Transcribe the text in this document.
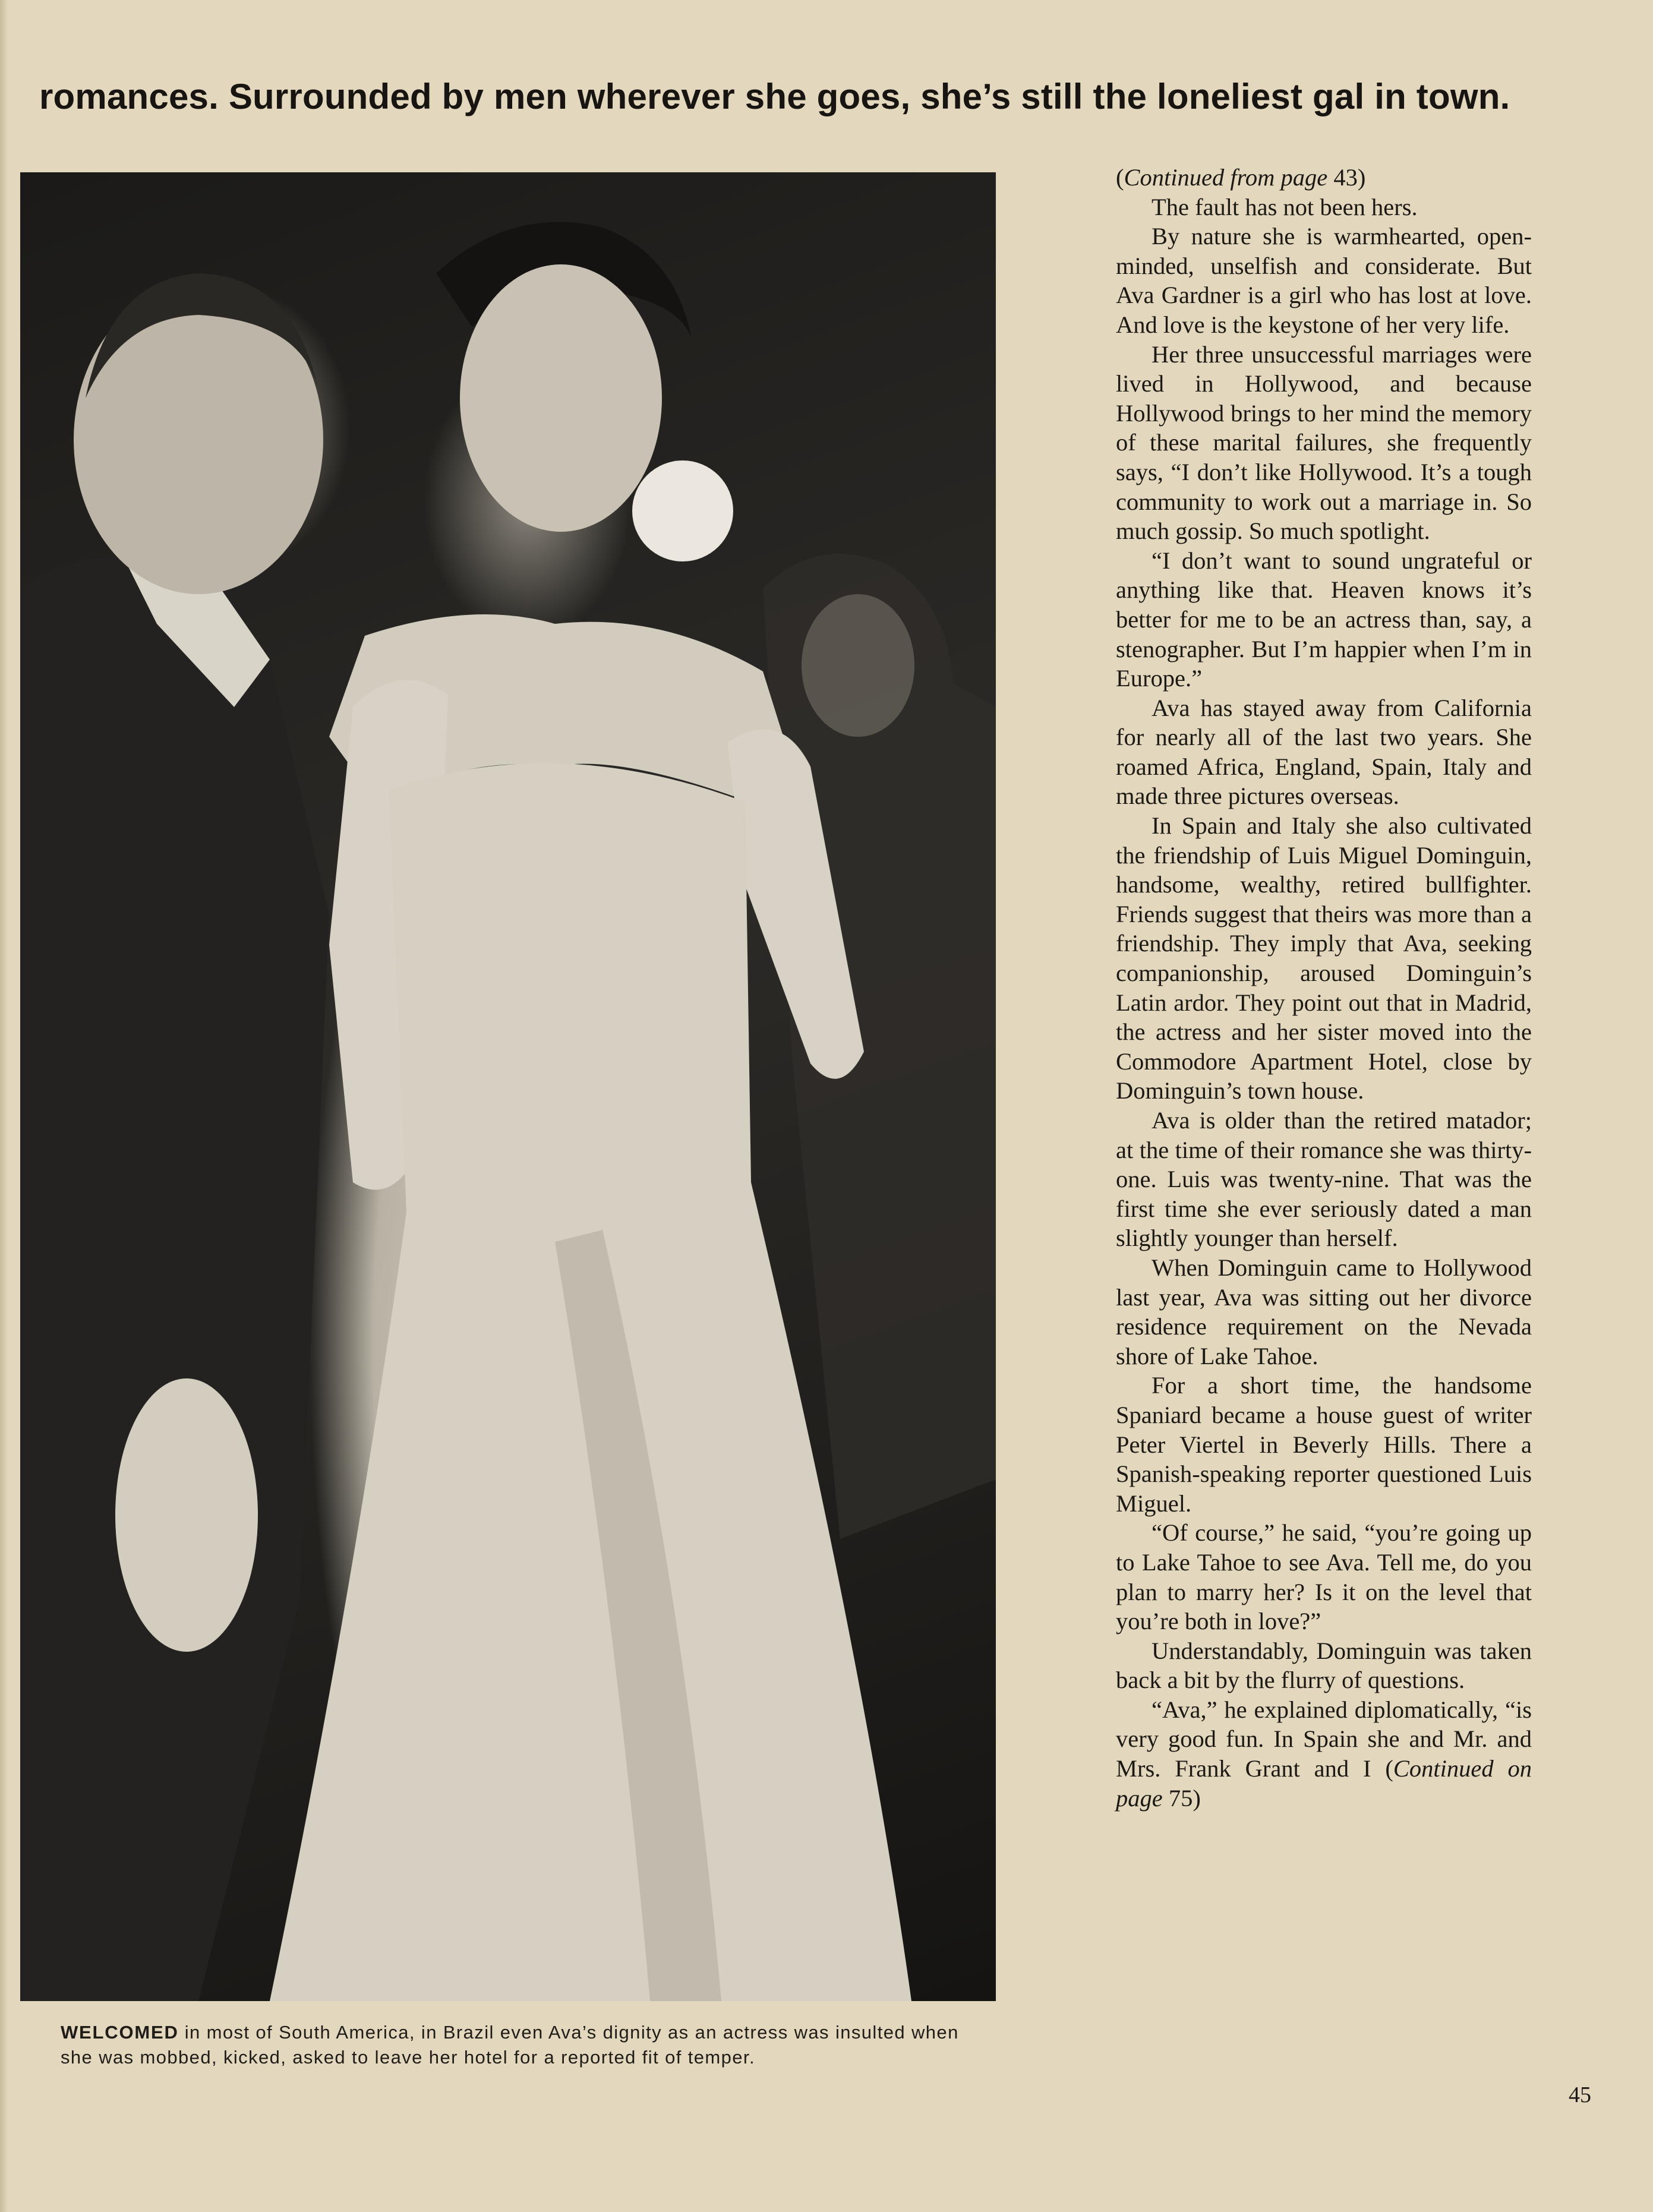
romances. Surrounded by men wherever she goes, she’s still the loneliest gal in town.

WELCOMED in most of South America, in Brazil even Ava’s dignity as an actress was insulted when she was mobbed, kicked, asked to leave her hotel for a reported fit of temper.

(Continued from page 43)

The fault has not been hers.

By nature she is warmhearted, open-minded, unselfish and considerate. But Ava Gardner is a girl who has lost at love. And love is the keystone of her very life.

Her three unsuccessful marriages were lived in Hollywood, and because Hollywood brings to her mind the memory of these marital failures, she frequently says, “I don’t like Hollywood. It’s a tough community to work out a marriage in. So much gossip. So much spotlight.

“I don’t want to sound ungrateful or anything like that. Heaven knows it’s better for me to be an actress than, say, a stenographer. But I’m happier when I’m in Europe.”

Ava has stayed away from California for nearly all of the last two years. She roamed Africa, England, Spain, Italy and made three pictures overseas.

In Spain and Italy she also cultivated the friendship of Luis Miguel Dominguin, handsome, wealthy, retired bullfighter. Friends suggest that theirs was more than a friendship. They imply that Ava, seeking companionship, aroused Dominguin’s Latin ardor. They point out that in Madrid, the actress and her sister moved into the Commodore Apartment Hotel, close by Dominguin’s town house.

Ava is older than the retired matador; at the time of their romance she was thirty-one. Luis was twenty-nine. That was the first time she ever seriously dated a man slightly younger than herself.

When Dominguin came to Hollywood last year, Ava was sitting out her divorce residence requirement on the Nevada shore of Lake Tahoe.

For a short time, the handsome Spaniard became a house guest of writer Peter Viertel in Beverly Hills. There a Spanish-speaking reporter questioned Luis Miguel.

“Of course,” he said, “you’re going up to Lake Tahoe to see Ava. Tell me, do you plan to marry her? Is it on the level that you’re both in love?”

Understandably, Dominguin was taken back a bit by the flurry of questions.

“Ava,” he explained diplomatically, “is very good fun. In Spain she and Mr. and Mrs. Frank Grant and I (Continued on page 75)

45
